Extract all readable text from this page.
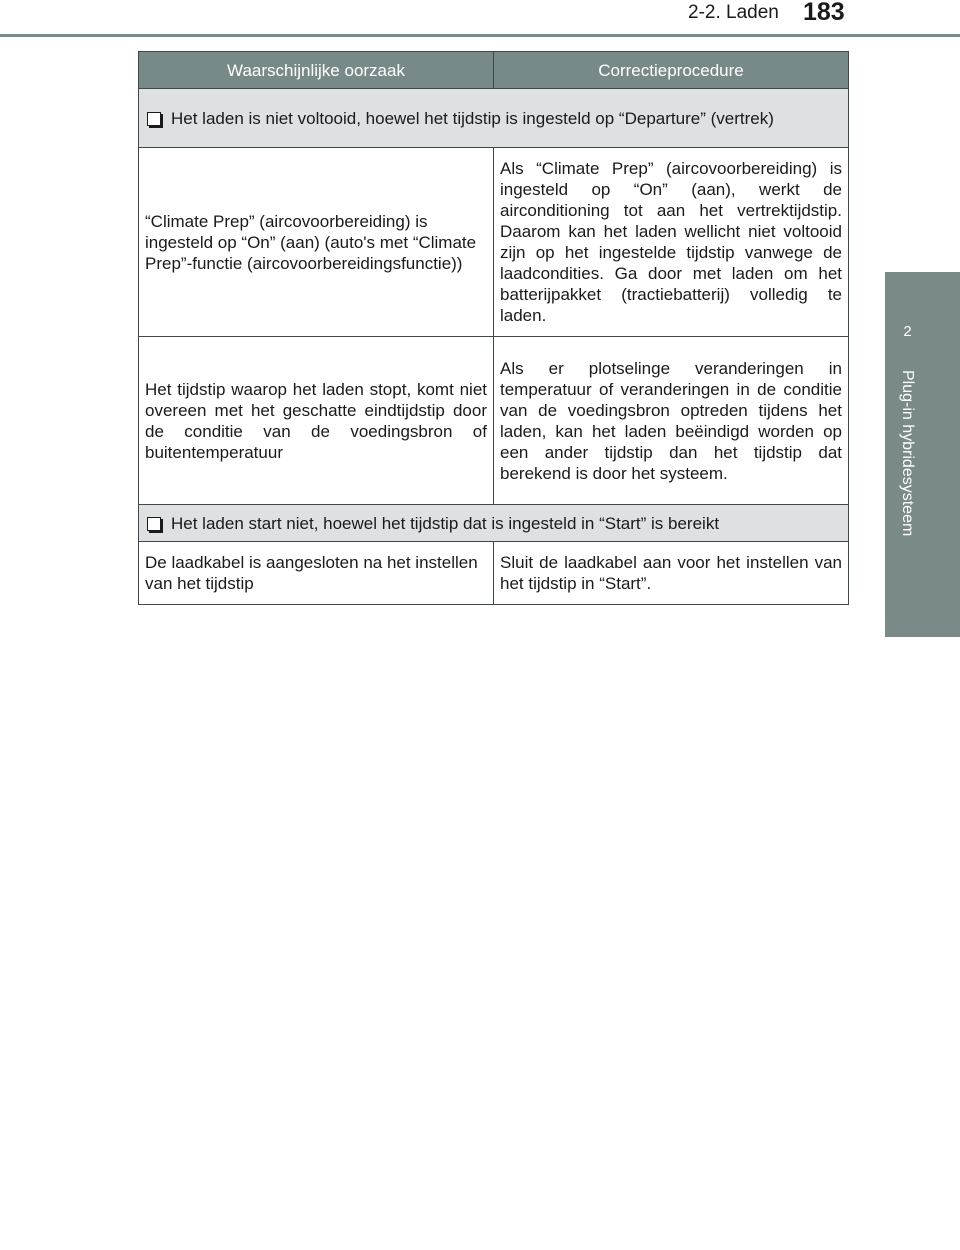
2-2. Laden 183
2
Plug-in hybridesysteem
Waarschijnlijke oorzaak	Correctieprocedure

Het laden is niet voltooid, hoewel het tijdstip is ingesteld op “Departure” (vertrek)	

“Climate Prep” (aircovoorbereiding) is ingesteld op “On” (aan) (auto's met “Climate Prep”-functie (aircovoorbereidingsfunctie))	Als “Climate Prep” (aircovoorbereiding) is ingesteld op “On” (aan), werkt de airconditioning tot aan het vertrektijdstip. Daarom kan het laden wellicht niet voltooid zijn op het ingestelde tijdstip vanwege de laadcondities. Ga door met laden om het batterijpakket (tractiebatterij) volledig te laden.
Het tijdstip waarop het laden stopt, komt niet overeen met het geschatte eindtijdstip door de conditie van de voedingsbron of buitentemperatuur	Als er plotselinge veranderingen in temperatuur of veranderingen in de conditie van de voedingsbron optreden tijdens het laden, kan het laden beëindigd worden op een ander tijdstip dan het tijdstip dat berekend is door het systeem.

Het laden start niet, hoewel het tijdstip dat is ingesteld in “Start” is bereikt	

De laadkabel is aangesloten na het instellen van het tijdstip	Sluit de laadkabel aan voor het instellen van het tijdstip in “Start”.
